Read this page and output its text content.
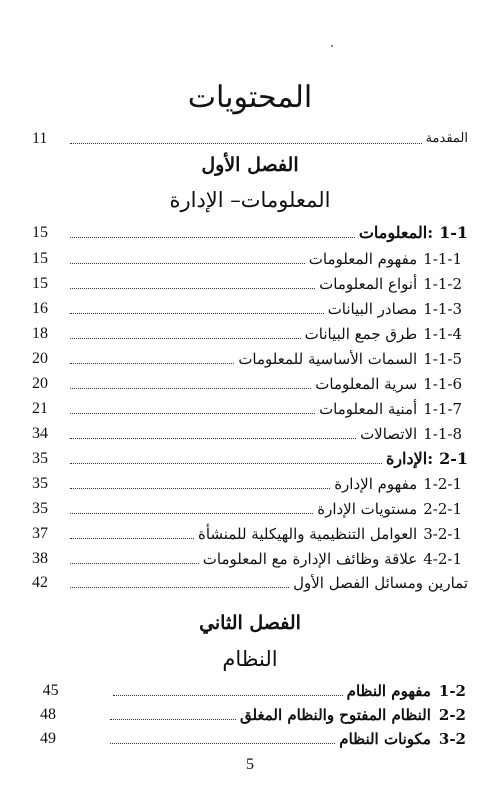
المحتويات
المقدمة
11
الفصل الأول
المعلومات– الإدارة
1-1
المعلومات:
15
1-1-1
مفهوم المعلومات
15
1-1-2
أنواع المعلومات
15
1-1-3
مصادر البيانات
16
1-1-4
طرق جمع البيانات
18
1-1-5
السمات الأساسية للمعلومات
20
1-1-6
سرية المعلومات
20
1-1-7
أمنية المعلومات
21
1-1-8
الاتصالات
34
2-1
الإدارة:
35
1-2-1
مفهوم الإدارة
35
2-2-1
مستويات الإدارة
35
3-2-1
العوامل التنظيمية والهيكلية للمنشأة
37
4-2-1
علاقة وظائف الإدارة مع المعلومات
38
تمارين ومسائل الفصل الأول
42
الفصل الثاني
النظام
1-2
مفهوم النظام
45
2-2
النظام المفتوح والنظام المغلق
48
3-2
مكونات النظام
49
5
